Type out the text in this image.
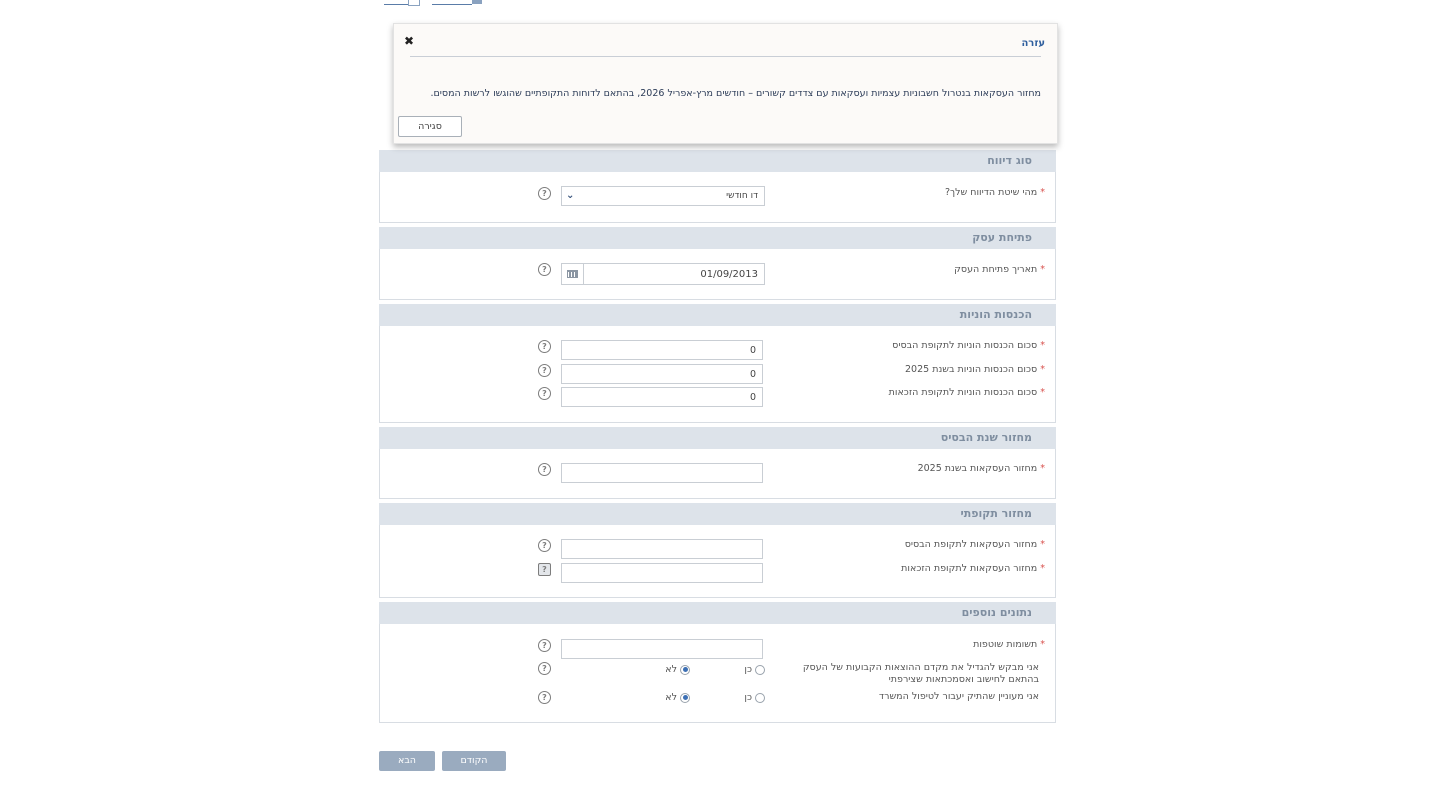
סוג דיווח
* מהי שיטת הדיווח שלך?
דו חודשי
⌄
?
פתיחת עסק
* תאריך פתיחת העסק
01/09/2013
?
הכנסות הוניות
* סכום הכנסות הוניות לתקופת הבסיס
0
?
* סכום הכנסות הוניות בשנת 2025
0
?
* סכום הכנסות הוניות לתקופת הזכאות
0
?
מחזור שנת הבסיס
* מחזור העסקאות בשנת 2025
?
מחזור תקופתי
* מחזור העסקאות לתקופת הבסיס
?
* מחזור העסקאות לתקופת הזכאות
?
נתונים נוספים
* תשומות שוטפות
?
אני מבקש להגדיל את מקדם ההוצאות הקבועות של העסק בהתאם לחישוב ואסמכתאות שצירפתי
כן
לא
?
אני מעוניין שהתיק יעבור לטיפול המשרד
כן
לא
?
הקודם
הבא
עזרה
✖
מחזור העסקאות בנטרול חשבוניות עצמיות ועסקאות עם צדדים קשורים – חודשים מרץ-אפריל 2026, בהתאם לדוחות התקופתיים שהוגשו לרשות המסים.
סגירה
